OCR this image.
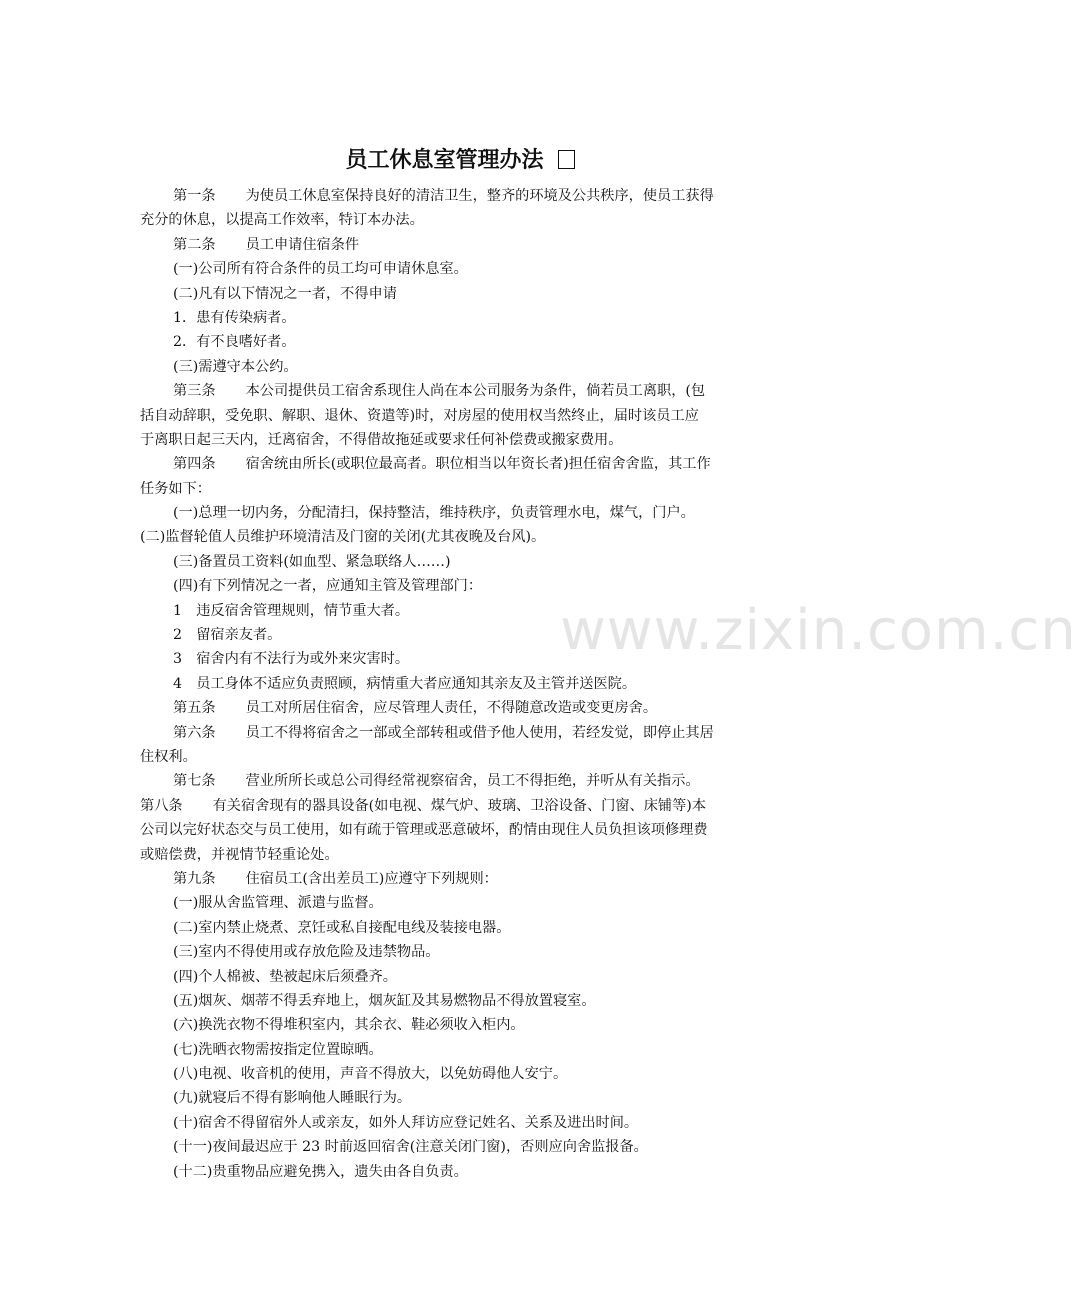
员工休息室管理办法
第一条 为使员工休息室保持良好的清洁卫生，整齐的环境及公共秩序，使员工获得
充分的休息，以提高工作效率，特订本办法。
第二条 员工申请住宿条件
(一)公司所有符合条件的员工均可申请休息室。
(二)凡有以下情况之一者，不得申请
1．患有传染病者。
2．有不良嗜好者。
(三)需遵守本公约。
第三条 本公司提供员工宿舍系现住人尚在本公司服务为条件，倘若员工离职，(包
括自动辞职，受免职、解职、退休、资遣等)时，对房屋的使用权当然终止，届时该员工应
于离职日起三天内，迁离宿舍，不得借故拖延或要求任何补偿费或搬家费用。
第四条 宿舍统由所长(或职位最高者。职位相当以年资长者)担任宿舍舍监，其工作
任务如下：
(一)总理一切内务，分配清扫，保持整洁，维持秩序，负责管理水电，煤气，门户。
(二)监督轮值人员维护环境清洁及门窗的关闭(尤其夜晚及台风)。
(三)备置员工资料(如血型、紧急联络人……)
(四)有下列情况之一者，应通知主管及管理部门：
1　违反宿舍管理规则，情节重大者。
2　留宿亲友者。
3　宿舍内有不法行为或外来灾害时。
4　员工身体不适应负责照顾，病情重大者应通知其亲友及主管并送医院。
第五条 员工对所居住宿舍，应尽管理人责任，不得随意改造或变更房舍。
第六条 员工不得将宿舍之一部或全部转租或借予他人使用，若经发觉，即停止其居
住权利。
第七条 营业所所长或总公司得经常视察宿舍，员工不得拒绝，并听从有关指示。
第八条 有关宿舍现有的器具设备(如电视、煤气炉、玻璃、卫浴设备、门窗、床铺等)本
公司以完好状态交与员工使用，如有疏于管理或恶意破坏，酌情由现住人员负担该项修理费
或赔偿费，并视情节轻重论处。
第九条 住宿员工(含出差员工)应遵守下列规则：
(一)服从舍监管理、派遣与监督。
(二)室内禁止烧煮、烹饪或私自接配电线及装接电器。
(三)室内不得使用或存放危险及违禁物品。
(四)个人棉被、垫被起床后须叠齐。
(五)烟灰、烟蒂不得丢弃地上，烟灰缸及其易燃物品不得放置寝室。
(六)换洗衣物不得堆积室内，其余衣、鞋必须收入柜内。
(七)洗晒衣物需按指定位置晾晒。
(八)电视、收音机的使用，声音不得放大，以免妨碍他人安宁。
(九)就寝后不得有影响他人睡眠行为。
(十)宿舍不得留宿外人或亲友，如外人拜访应登记姓名、关系及进出时间。
(十一)夜间最迟应于 23 时前返回宿舍(注意关闭门窗)，否则应向舍监报备。
(十二)贵重物品应避免携入，遗失由各自负责。
www.zixin.com.cn
